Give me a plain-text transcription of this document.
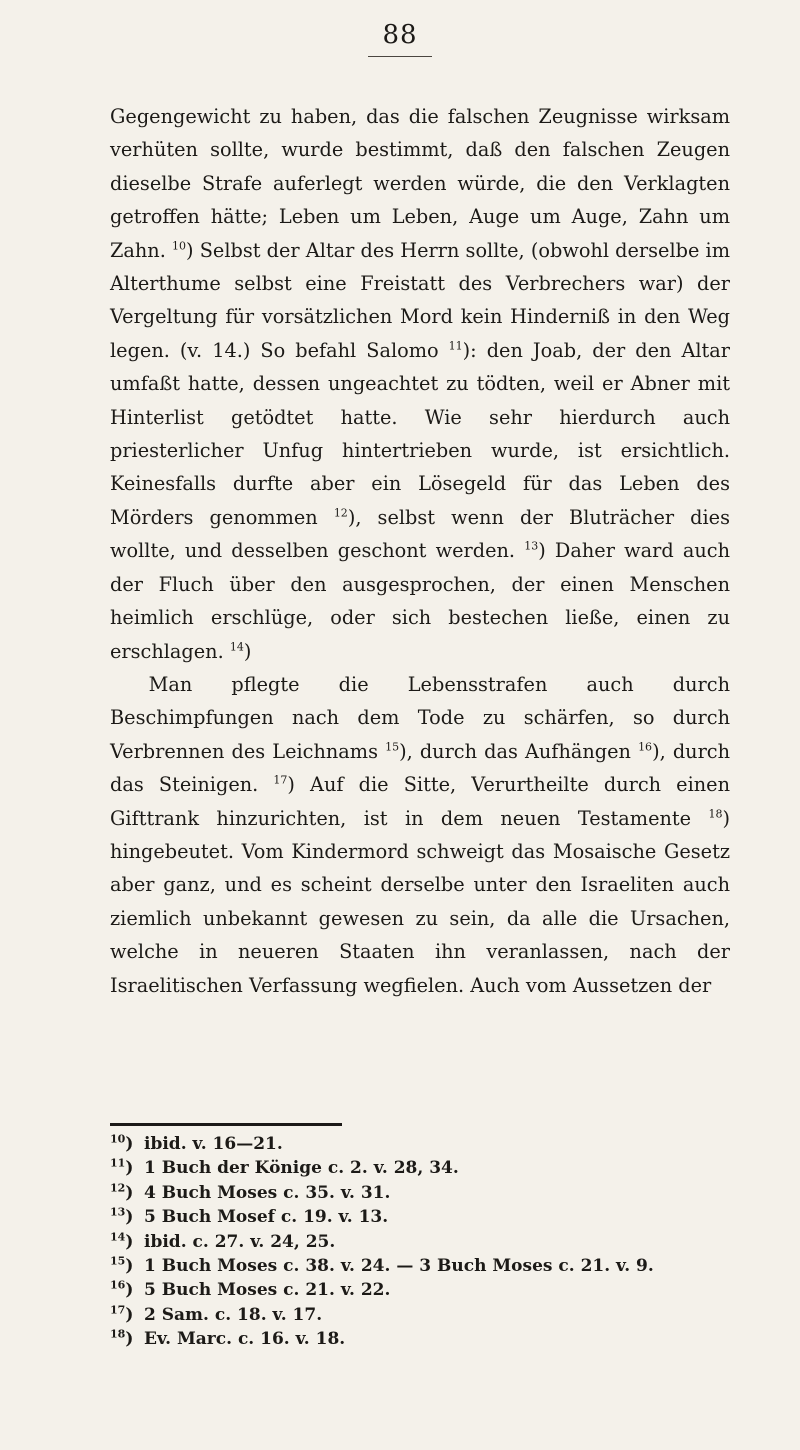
88

Gegengewicht zu haben, das die falschen Zeugnisse wirksam verhüten sollte, wurde bestimmt, daß den falschen Zeugen dieselbe Strafe auferlegt werden würde, die den Verklagten getroffen hätte; Leben um Leben, Auge um Auge, Zahn um Zahn. $^{10}$) Selbst der Altar des Herrn sollte, (obwohl derselbe im Alterthume selbst eine Freistatt des Verbrechers war) der Vergeltung für vorsätzlichen Mord kein Hinderniß in den Weg legen. (v. 14.) So befahl Salomo $^{11}$): den Joab, der den Altar umfaßt hatte, dessen ungeachtet zu tödten, weil er Abner mit Hinterlist getödtet hatte. Wie sehr hierdurch auch priesterlicher Unfug hintertrieben wurde, ist ersichtlich. Keinesfalls durfte aber ein Lösegeld für das Leben des Mörders genommen $^{12}$), selbst wenn der Bluträcher dies wollte, und desselben geschont werden. $^{13}$) Daher ward auch der Fluch über den ausgesprochen, der einen Menschen heimlich erschlüge, oder sich bestechen ließe, einen zu erschlagen. $^{14}$)

Man pflegte die Lebensstrafen auch durch Beschimpfungen nach dem Tode zu schärfen, so durch Verbrennen des Leichnams $^{15}$), durch das Aufhängen $^{16}$), durch das Steinigen. $^{17}$) Auf die Sitte, Verurtheilte durch einen Gifttrank hinzurichten, ist in dem neuen Testamente $^{18}$) hingebeutet. Vom Kindermord schweigt das Mosaische Gesetz aber ganz, und es scheint derselbe unter den Israeliten auch ziemlich unbekannt gewesen zu sein, da alle die Ursachen, welche in neueren Staaten ihn veranlassen, nach der Israelitischen Verfassung wegfielen. Auch vom Aussetzen der

$^{10}$) ibid. v. 16—21.
$^{11}$) 1 Buch der Könige c. 2. v. 28, 34.
$^{12}$) 4 Buch Moses c. 35. v. 31.
$^{13}$) 5 Buch Mosef c. 19. v. 13.
$^{14}$) ibid. c. 27. v. 24, 25.
$^{15}$) 1 Buch Moses c. 38. v. 24. — 3 Buch Moses c. 21. v. 9.
$^{16}$) 5 Buch Moses c. 21. v. 22.
$^{17}$) 2 Sam. c. 18. v. 17.
$^{18}$) Ev. Marc. c. 16. v. 18.
